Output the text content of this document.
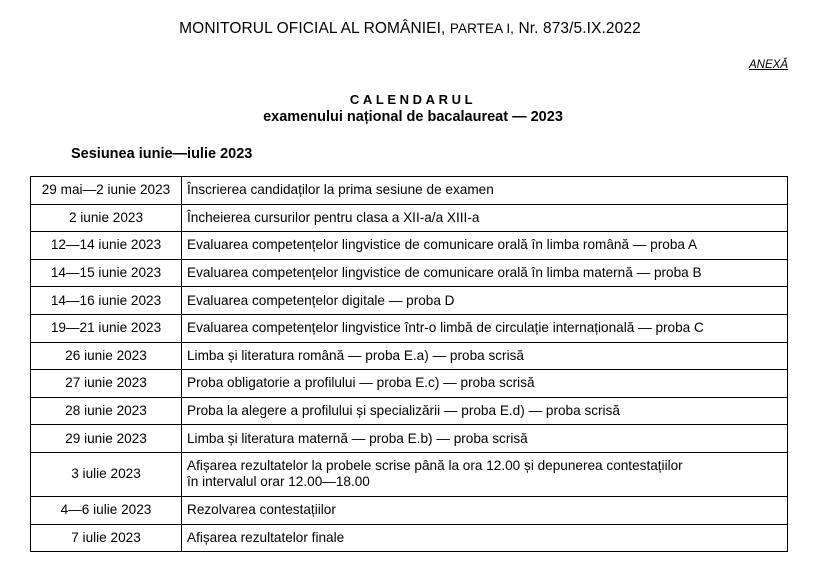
MONITORUL OFICIAL AL ROMÂNIEI, PARTEA I, Nr. 873/5.IX.2022
ANEXĂ
CALENDARUL
examenului național de bacalaureat — 2023
Sesiunea iunie—iulie 2023
29 mai—2 iunie 2023	Înscrierea candidaților la prima sesiune de examen
2 iunie 2023	Încheierea cursurilor pentru clasa a XII-a/a XIII-a
12—14 iunie 2023	Evaluarea competențelor lingvistice de comunicare orală în limba română — proba A
14—15 iunie 2023	Evaluarea competențelor lingvistice de comunicare orală în limba maternă — proba B
14—16 iunie 2023	Evaluarea competențelor digitale — proba D
19—21 iunie 2023	Evaluarea competențelor lingvistice într-o limbă de circulație internațională — proba C
26 iunie 2023	Limba și literatura română — proba E.a) — proba scrisă
27 iunie 2023	Proba obligatorie a profilului — proba E.c) — proba scrisă
28 iunie 2023	Proba la alegere a profilului și specializării — proba E.d) — proba scrisă
29 iunie 2023	Limba și literatura maternă — proba E.b) — proba scrisă
3 iulie 2023	Afișarea rezultatelor la probele scrise până la ora 12.00 și depunerea contestațiilor
în intervalul orar 12.00—18.00

4—6 iulie 2023	Rezolvarea contestațiilor
7 iulie 2023	Afișarea rezultatelor finale
